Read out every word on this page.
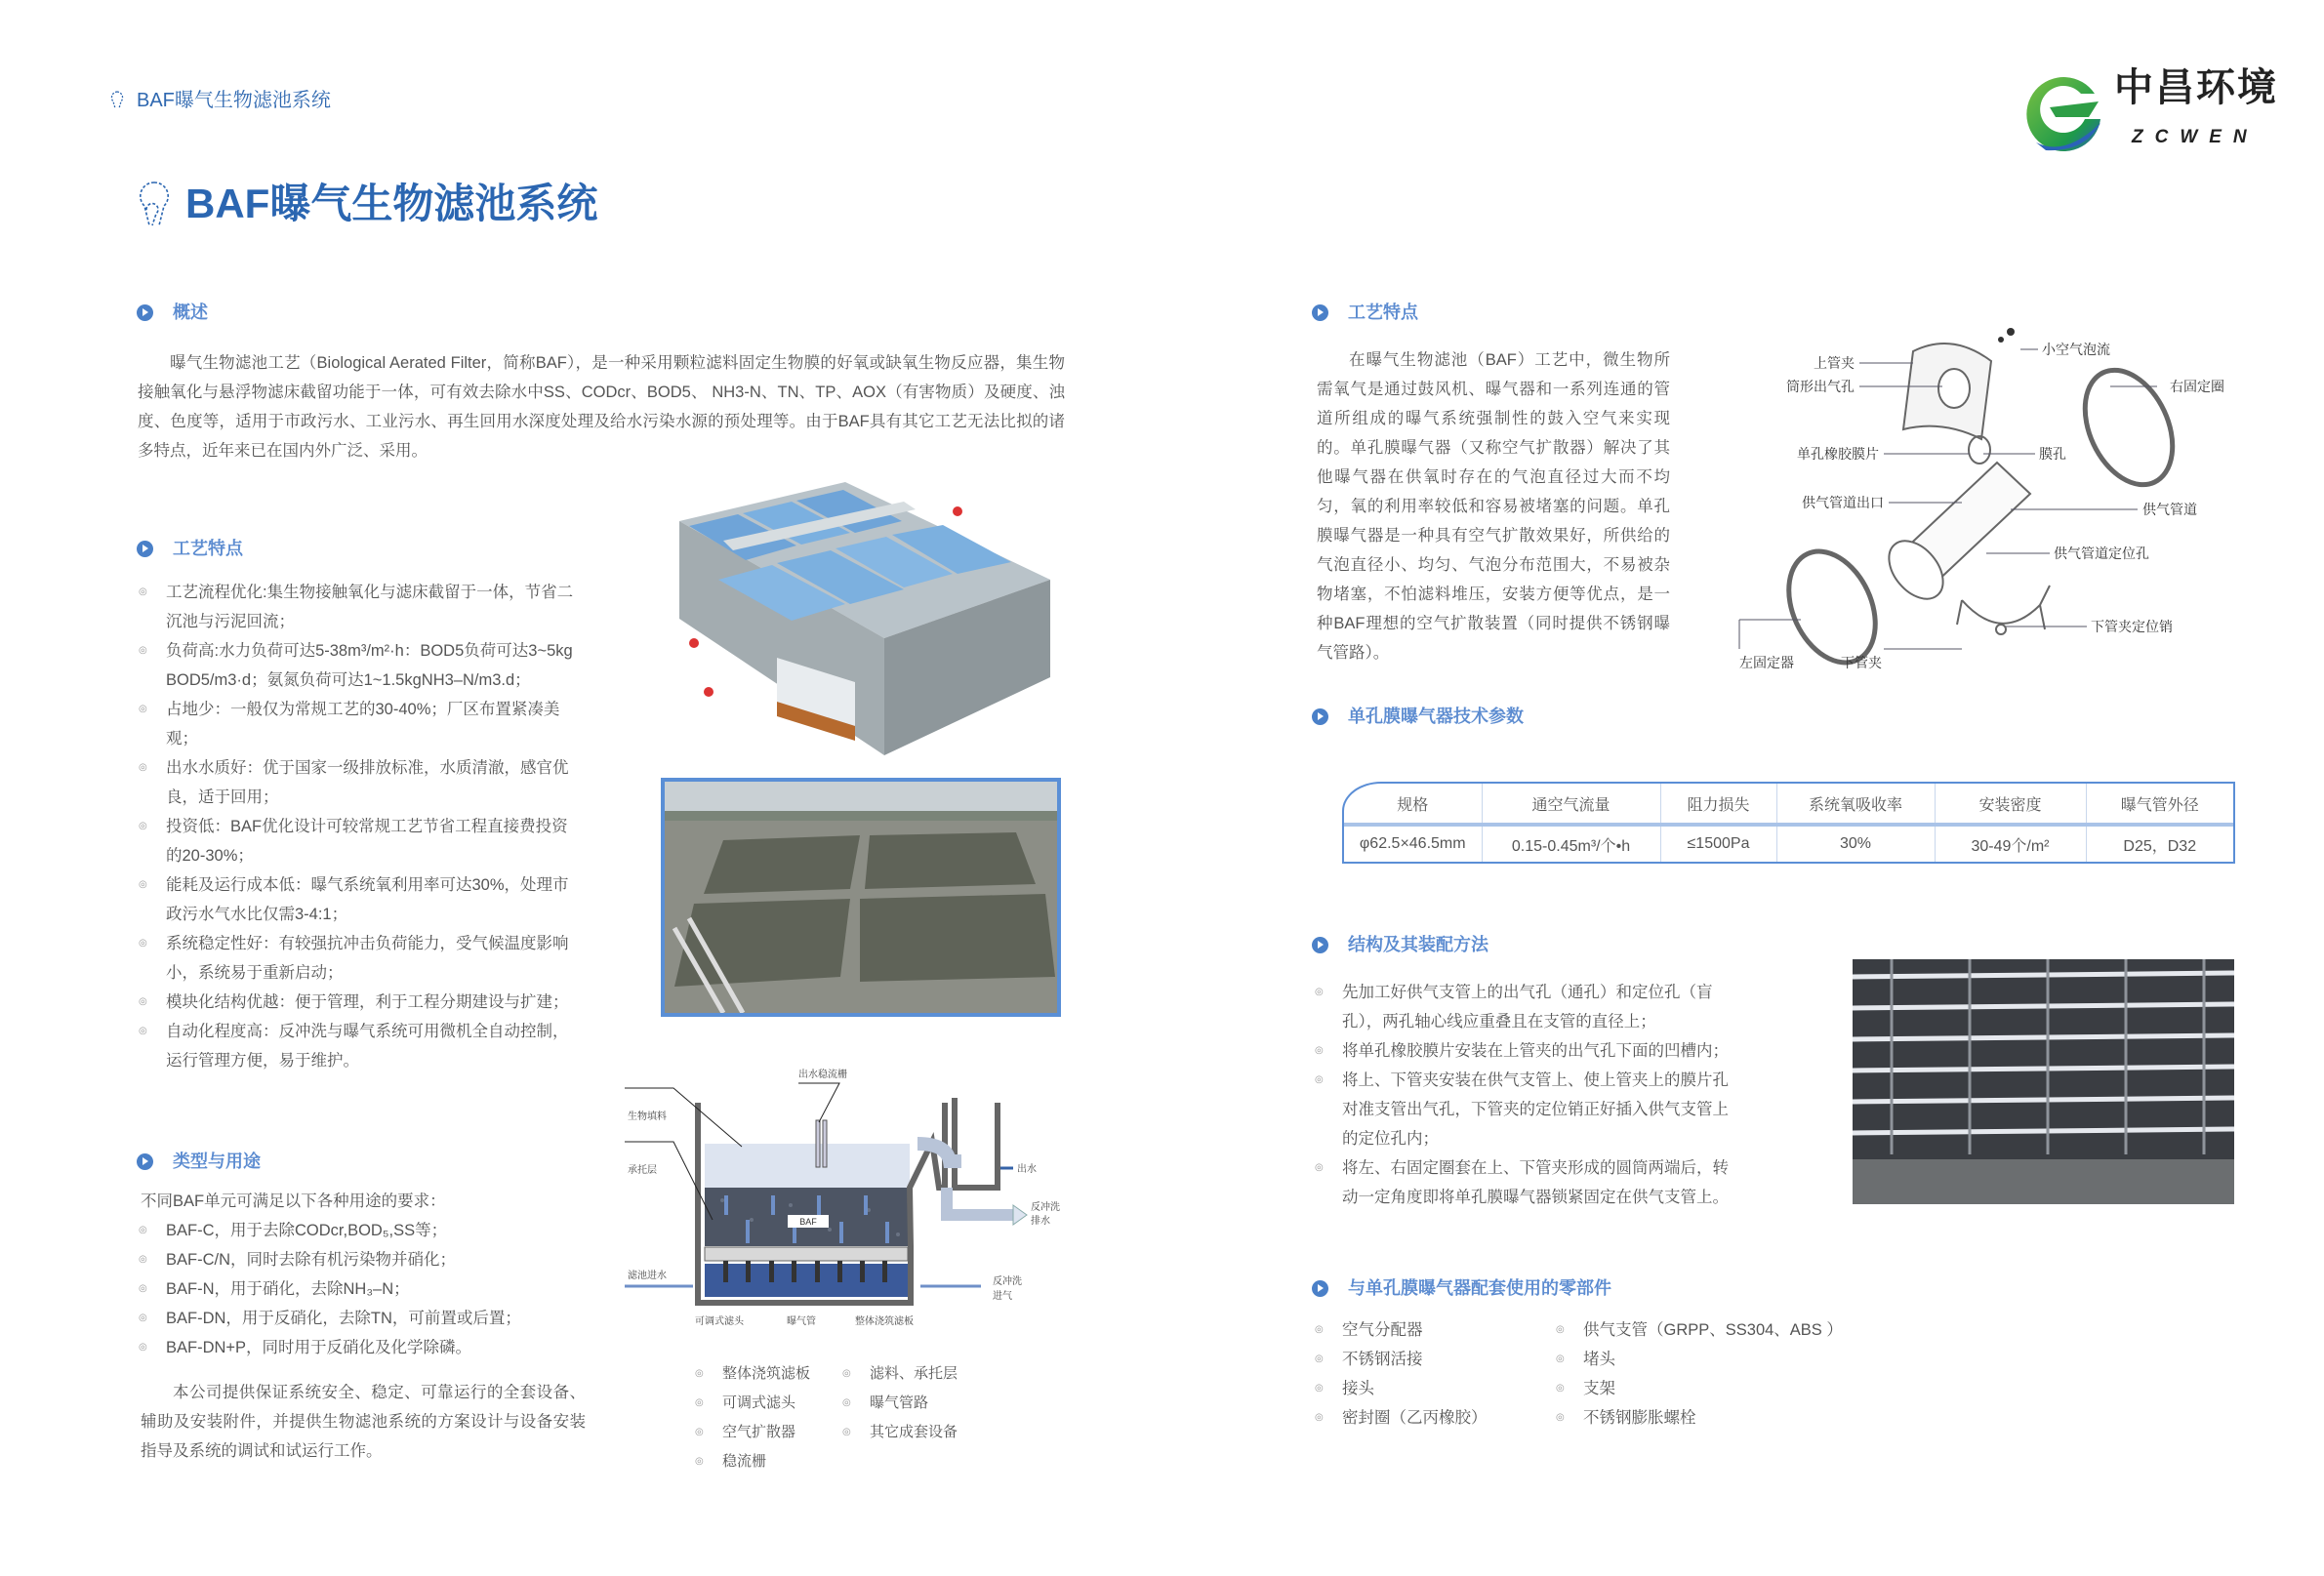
BAF曝气生物滤池系统	中昌环境
ZCWEN
BAF曝气生物滤池系统
概述
曝气生物滤池工艺（Biological Aerated Filter，简称BAF），是一种采用颗粒滤料固定生物膜的好氧或缺氧生物反应器，集生物接触氧化与悬浮物滤床截留功能于一体，可有效去除水中SS、CODcr、BOD5、 NH3-N、TN、TP、AOX（有害物质）及硬度、浊度、色度等，适用于市政污水、工业污水、再生回用水深度处理及给水污染水源的预处理等。由于BAF具有其它工艺无法比拟的诸多特点，近年来已在国内外广泛、采用。
工艺特点
◎ 工艺流程优化:集生物接触氧化与滤床截留于一体，节省二沉池与污泥回流；
◎ 负荷高:水力负荷可达5-38m³/m²·h：BOD5负荷可达3~5kg BOD5/m3·d；氨氮负荷可达1~1.5kgNH3–N/m3.d；
◎ 占地少：一般仅为常规工艺的30-40%；厂区布置紧凑美观；
◎ 出水水质好：优于国家一级排放标准，水质清澈，感官优良，适于回用；
◎ 投资低：BAF优化设计可较常规工艺节省工程直接费投资的20-30%；
◎ 能耗及运行成本低：曝气系统氧利用率可达30%，处理市政污水气水比仅需3-4:1；
◎ 系统稳定性好：有较强抗冲击负荷能力，受气候温度影响小，系统易于重新启动；
◎ 模块化结构优越：便于管理，利于工程分期建设与扩建；
◎ 自动化程度高：反冲洗与曝气系统可用微机全自动控制，运行管理方便，易于维护。
类型与用途
不同BAF单元可满足以下各种用途的要求：
◎ BAF-C，用于去除CODcr,BOD₅,SS等；
◎ BAF-C/N，同时去除有机污染物并硝化；
◎ BAF-N，用于硝化，去除NH₃–N；
◎ BAF-DN，用于反硝化，去除TN，可前置或后置；
◎ BAF-DN+P，同时用于反硝化及化学除磷。
本公司提供保证系统安全、稳定、可靠运行的全套设备、辅助及安装附件，并提供生物滤池系统的方案设计与设备安装指导及系统的调试和试运行工作。
BAF
出水稳流栅
生物填料
承托层
滤池进水
出水
反冲洗
排水
反冲洗
进气
可调式滤头	曝气管	整体浇筑滤板
◎ 整体浇筑滤板
◎ 可调式滤头
◎ 空气扩散器
◎ 稳流栅
◎ 滤料、承托层
◎ 曝气管路
◎ 其它成套设备
工艺特点
在曝气生物滤池（BAF）工艺中，微生物所需氧气是通过鼓风机、曝气器和一系列连通的管道所组成的曝气系统强制性的鼓入空气来实现的。单孔膜曝气器（又称空气扩散器）解决了其他曝气器在供氧时存在的气泡直径过大而不均匀，氧的利用率较低和容易被堵塞的问题。单孔膜曝气器是一种具有空气扩散效果好，所供给的气泡直径小、均匀、气泡分布范围大，不易被杂物堵塞，不怕滤料堆压，安装方便等优点，是一种BAF理想的空气扩散装置（同时提供不锈钢曝气管路）。
小空气泡流
上管夹
筒形出气孔	右固定圈
单孔橡胶膜片	膜孔
供气管道出口	供气管道
供气管道定位孔
下管夹定位销
左固定器	下管夹
单孔膜曝气器技术参数
规格	通空气流量	阻力损失	系统氧吸收率	安装密度	曝气管外径
φ62.5×46.5mm	0.15-0.45m³/个•h	≤1500Pa	30%	30-49个/m²	D25，D32
结构及其装配方法
◎ 先加工好供气支管上的出气孔（通孔）和定位孔（盲孔），两孔轴心线应重叠且在支管的直径上；
◎ 将单孔橡胶膜片安装在上管夹的出气孔下面的凹槽内；
◎ 将上、下管夹安装在供气支管上、使上管夹上的膜片孔对准支管出气孔，下管夹的定位销正好插入供气支管上的定位孔内；
◎ 将左、右固定圈套在上、下管夹形成的圆筒两端后，转动一定角度即将单孔膜曝气器锁紧固定在供气支管上。
与单孔膜曝气器配套使用的零部件
◎ 空气分配器
◎ 不锈钢活接
◎ 接头
◎ 密封圈（乙丙橡胶）
◎ 供气支管（GRPP、SS304、ABS ）
◎ 堵头
◎ 支架
◎ 不锈钢膨胀螺栓
